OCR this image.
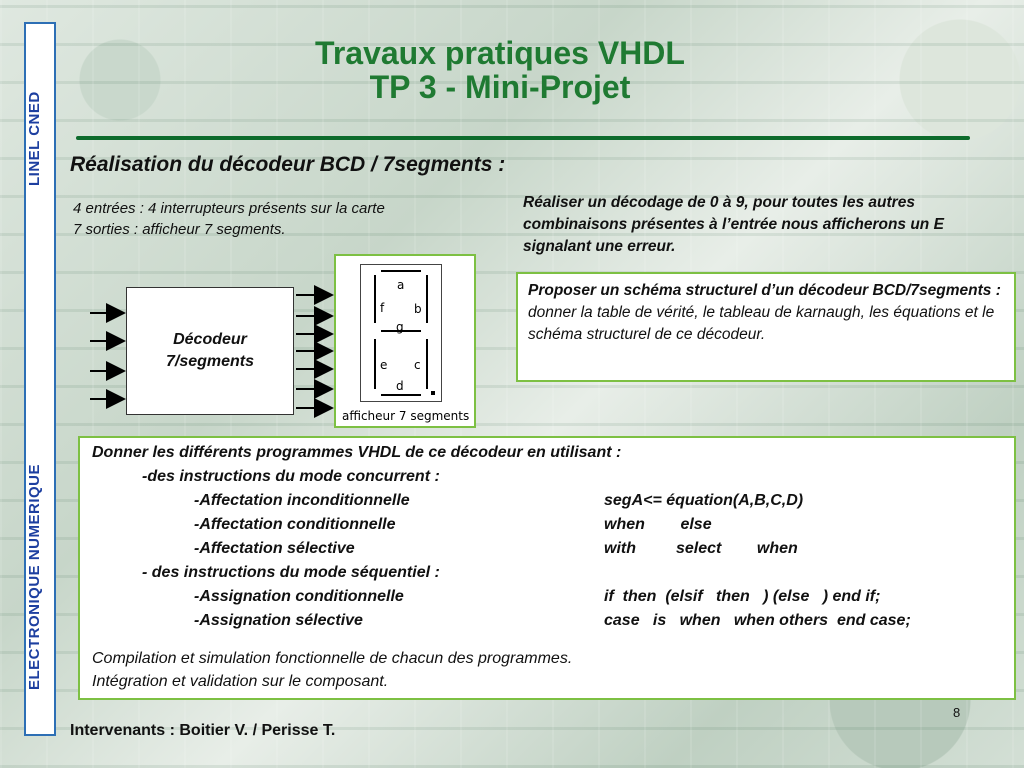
LINEL CNED
ELECTRONIQUE NUMERIQUE
Travaux pratiques VHDL
TP 3 - Mini-Projet
Réalisation du décodeur BCD / 7segments :
4 entrées : 4 interrupteurs présents sur la carte
7 sorties : afficheur 7 segments.
Réaliser un décodage de 0 à 9, pour toutes les autres combinaisons présentes à l’entrée nous afficherons un E signalant une erreur.
Proposer un schéma structurel d’un décodeur BCD/7segments :
donner la table de vérité, le tableau de karnaugh, les équations et le schéma structurel de ce décodeur.
Décodeur
7/segments
a
f b
g
e c
d
afficheur 7 segments
Donner les différents programmes VHDL de ce décodeur en utilisant :
-des instructions du mode concurrent :
-Affectation inconditionnelle	segA<= équation(A,B,C,D)
-Affectation conditionnelle	when        else
-Affectation sélective	with         select        when
- des instructions du mode séquentiel :
-Assignation conditionnelle	if  then  (elsif   then   ) (else   ) end if;
-Assignation sélective	case   is   when   when others  end case;
Compilation et simulation fonctionnelle de chacun des programmes.
Intégration et validation sur le composant.
8
Intervenants : Boitier V. / Perisse T.
